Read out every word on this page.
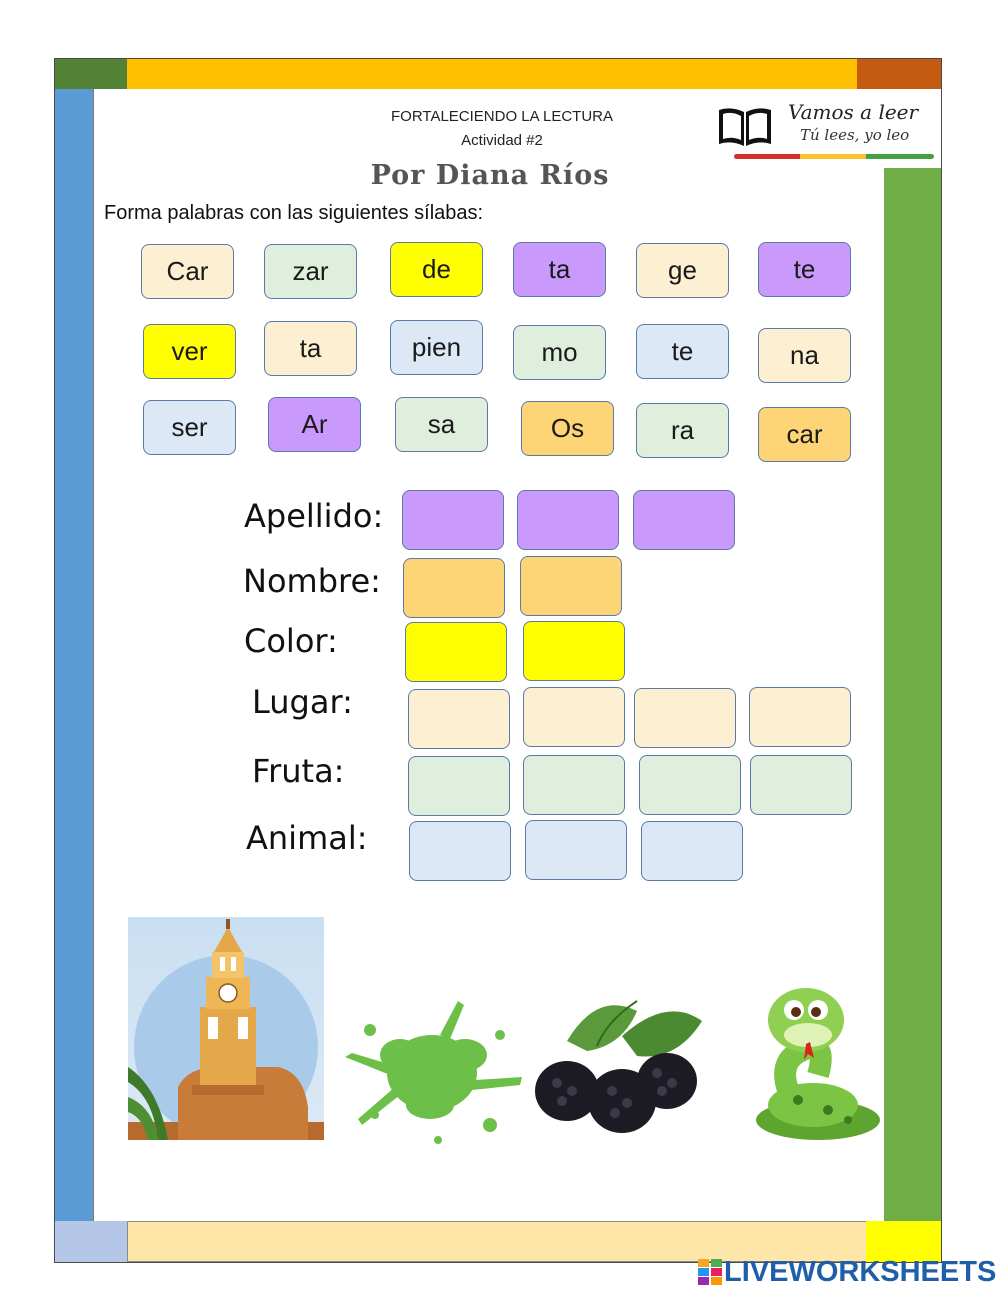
FORTALECIENDO LA LECTURA
Actividad #2
Por Diana Ríos
Forma palabras con las siguientes sílabas:
Vamos a leer
Tú lees, yo leo
Car	zar	de	ta	ge	te
ver	ta	pien	mo	te	na
ser	Ar	sa	Os	ra	car
Apellido:
Nombre:
Color:
Lugar:
Fruta:
Animal:
LIVEWORKSHEETS
